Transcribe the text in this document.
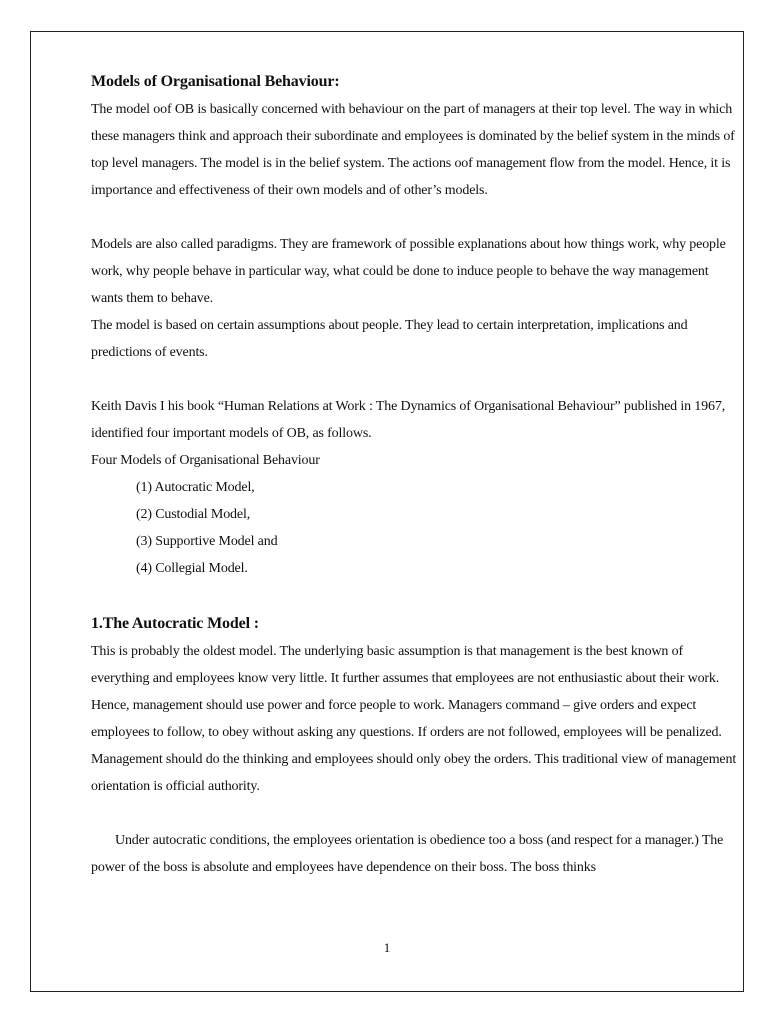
Models of Organisational Behaviour:

The model oof OB is basically concerned with behaviour on the part of managers at their top level. The way in which these managers think and approach their subordinate and employees is dominated by the belief system in the minds of top level managers. The model is in the belief system. The actions oof management flow from the model. Hence, it is importance and effectiveness of their own models and of other’s models.

Models are also called paradigms. They are framework of possible explanations about how things work, why people work, why people behave in particular way, what could be done to induce people to behave the way management wants them to behave.

The model is based on certain assumptions about people. They lead to certain interpretation, implications and predictions of events.

Keith Davis I his book “Human Relations at Work : The Dynamics of Organisational Behaviour” published in 1967, identified four important models of OB, as follows.

Four Models of Organisational Behaviour

(1) Autocratic Model,
(2) Custodial Model,
(3) Supportive Model and
(4) Collegial Model.

1.The Autocratic Model :

This is probably the oldest model. The underlying basic assumption is that management is the best known of everything and employees know very little. It further assumes that employees are not enthusiastic about their work. Hence, management should use power and force people to work. Managers command – give orders and expect employees to follow, to obey without asking any questions. If orders are not followed, employees will be penalized. Management should do the thinking and employees should only obey the orders. This traditional view of management orientation is official authority.

Under autocratic conditions, the employees orientation is obedience too a boss (and respect for a manager.) The power of the boss is absolute and employees have dependence on their boss. The boss thinks

1
